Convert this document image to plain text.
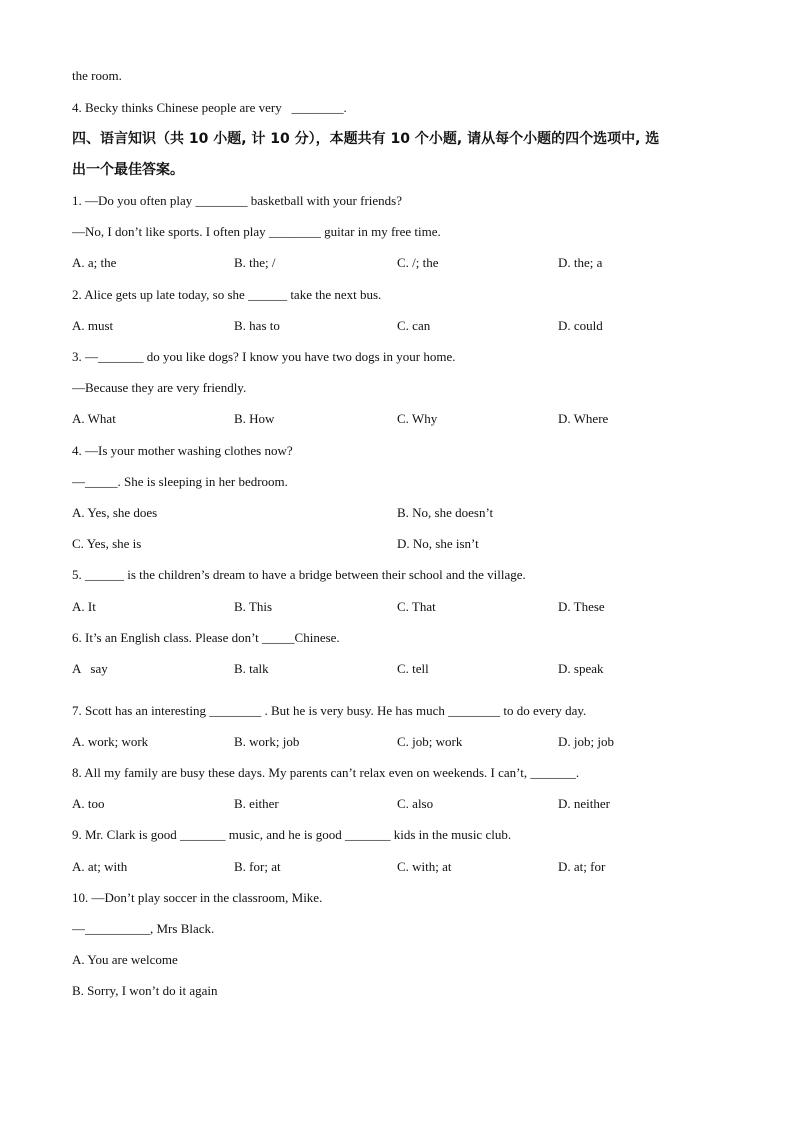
the room.
4. Becky thinks Chinese people are very   ________.
四、语言知识（共 10 小题, 计 10 分），本题共有 10 个小题, 请从每个小题的四个选项中, 选
出一个最佳答案。
1. —Do you often play ________ basketball with your friends?
—No, I don’t like sports. I often play ________ guitar in my free time.
A. a; the	B. the; /	C. /; the	D. the; a
2. Alice gets up late today, so she ______ take the next bus.
A. must	B. has to	C. can	D. could
3. —_______ do you like dogs? I know you have two dogs in your home.
—Because they are very friendly.
A. What	B. How	C. Why	D. Where
4. —Is your mother washing clothes now?
—_____. She is sleeping in her bedroom.
A. Yes, she does	B. No, she doesn’t
C. Yes, she is	D. No, she isn’t
5. ______ is the children’s dream to have a bridge between their school and the village.
A. It	B. This	C. That	D. These
6. It’s an English class. Please don’t _____Chinese.
A   say	B. talk	C. tell	D. speak
7. Scott has an interesting ________ . But he is very busy. He has much ________ to do every day.
A. work; work	B. work; job	C. job; work	D. job; job
8. All my family are busy these days. My parents can’t relax even on weekends. I can’t, _______.
A. too	B. either	C. also	D. neither
9. Mr. Clark is good _______ music, and he is good _______ kids in the music club.
A. at; with	B. for; at	C. with; at	D. at; for
10. —Don’t play soccer in the classroom, Mike.
—__________, Mrs Black.
A. You are welcome
B. Sorry, I won’t do it again
